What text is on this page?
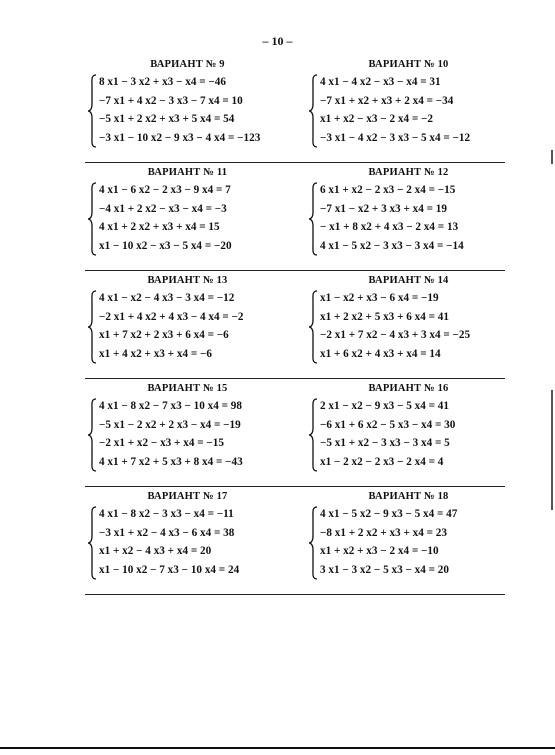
– 10 –
ВАРИАНТ № 9
8 x1 − 3 x2 + x3 − x4 = −46
−7 x1 + 4 x2 − 3 x3 − 7 x4 = 10
−5 x1 + 2 x2 + x3 + 5 x4 = 54
−3 x1 − 10 x2 − 9 x3 − 4 x4 = −123
ВАРИАНТ № 10
4 x1 − 4 x2 − x3 − x4 = 31
−7 x1 + x2 + x3 + 2 x4 = −34
x1 + x2 − x3 − 2 x4 = −2
−3 x1 − 4 x2 − 3 x3 − 5 x4 = −12
ВАРИАНТ № 11
4 x1 − 6 x2 − 2 x3 − 9 x4 = 7
−4 x1 + 2 x2 − x3 − x4 = −3
4 x1 + 2 x2 + x3 + x4 = 15
x1 − 10 x2 − x3 − 5 x4 = −20
ВАРИАНТ № 12
6 x1 + x2 − 2 x3 − 2 x4 = −15
−7 x1 − x2 + 3 x3 + x4 = 19
− x1 + 8 x2 + 4 x3 − 2 x4 = 13
4 x1 − 5 x2 − 3 x3 − 3 x4 = −14
ВАРИАНТ № 13
4 x1 − x2 − 4 x3 − 3 x4 = −12
−2 x1 + 4 x2 + 4 x3 − 4 x4 = −2
x1 + 7 x2 + 2 x3 + 6 x4 = −6
x1 + 4 x2 + x3 + x4 = −6
ВАРИАНТ № 14
x1 − x2 + x3 − 6 x4 = −19
x1 + 2 x2 + 5 x3 + 6 x4 = 41
−2 x1 + 7 x2 − 4 x3 + 3 x4 = −25
x1 + 6 x2 + 4 x3 + x4 = 14
ВАРИАНТ № 15
4 x1 − 8 x2 − 7 x3 − 10 x4 = 98
−5 x1 − 2 x2 + 2 x3 − x4 = −19
−2 x1 + x2 − x3 + x4 = −15
4 x1 + 7 x2 + 5 x3 + 8 x4 = −43
ВАРИАНТ № 16
2 x1 − x2 − 9 x3 − 5 x4 = 41
−6 x1 + 6 x2 − 5 x3 − x4 = 30
−5 x1 + x2 − 3 x3 − 3 x4 = 5
x1 − 2 x2 − 2 x3 − 2 x4 = 4
ВАРИАНТ № 17
4 x1 − 8 x2 − 3 x3 − x4 = −11
−3 x1 + x2 − 4 x3 − 6 x4 = 38
x1 + x2 − 4 x3 + x4 = 20
x1 − 10 x2 − 7 x3 − 10 x4 = 24
ВАРИАНТ № 18
4 x1 − 5 x2 − 9 x3 − 5 x4 = 47
−8 x1 + 2 x2 + x3 + x4 = 23
x1 + x2 + x3 − 2 x4 = −10
3 x1 − 3 x2 − 5 x3 − x4 = 20
